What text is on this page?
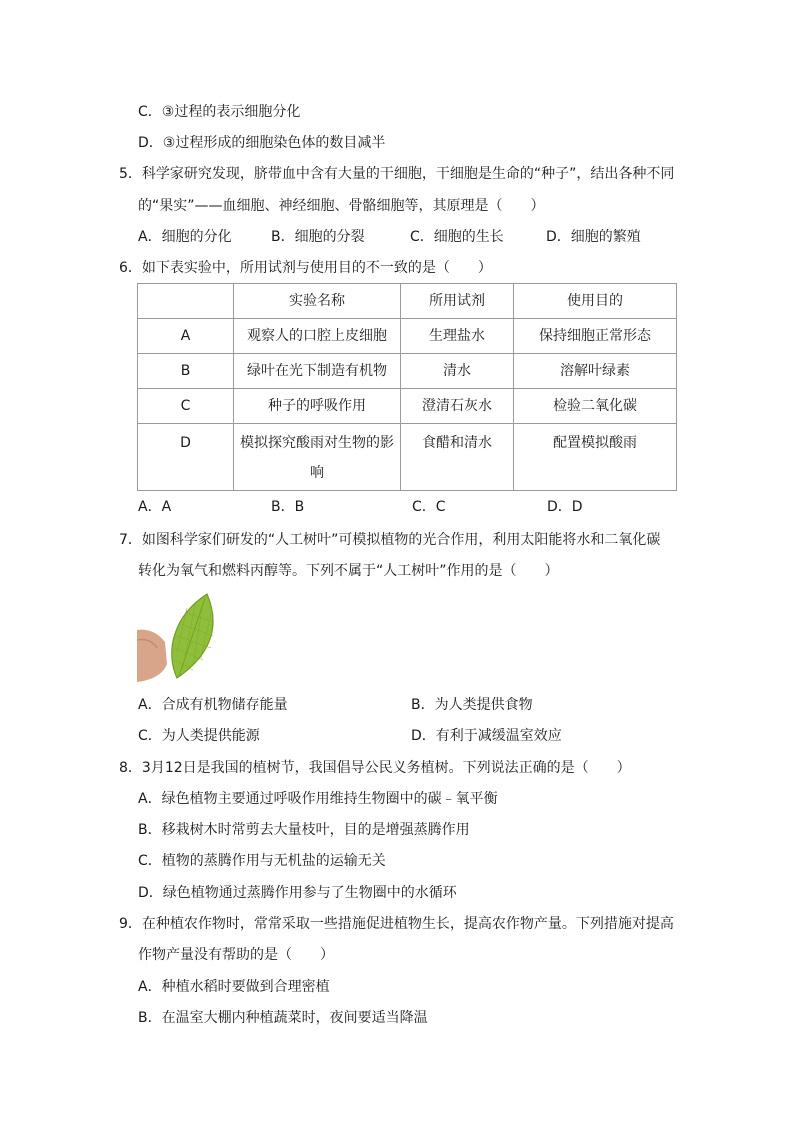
C．③过程的表示细胞分化
D．③过程形成的细胞染色体的数目减半
5．科学家研究发现，脐带血中含有大量的干细胞，干细胞是生命的“种子”，结出各种不同
的“果实”——血细胞、神经细胞、骨骼细胞等，其原理是（　　）
A．细胞的分化	B．细胞的分裂	C．细胞的生长	D．细胞的繁殖
6．如下表实验中，所用试剂与使用目的不一致的是（　　）
	实验名称	所用试剂	使用目的
A	观察人的口腔上皮细胞	生理盐水	保持细胞正常形态
B	绿叶在光下制造有机物	清水	溶解叶绿素
C	种子的呼吸作用	澄清石灰水	检验二氧化碳
D	模拟探究酸雨对生物的影响	食醋和清水	配置模拟酸雨
A．A	B．B	C．C	D．D
7．如图科学家们研发的“人工树叶”可模拟植物的光合作用，利用太阳能将水和二氧化碳
转化为氧气和燃料丙醇等。下列不属于“人工树叶”作用的是（　　）
A．合成有机物储存能量	B．为人类提供食物
C．为人类提供能源	D．有利于减缓温室效应
8．3月12日是我国的植树节，我国倡导公民义务植树。下列说法正确的是（　　）
A．绿色植物主要通过呼吸作用维持生物圈中的碳﹣氧平衡
B．移栽树木时常剪去大量枝叶，目的是增强蒸腾作用
C．植物的蒸腾作用与无机盐的运输无关
D．绿色植物通过蒸腾作用参与了生物圈中的水循环
9．在种植农作物时，常常采取一些措施促进植物生长，提高农作物产量。下列措施对提高
作物产量没有帮助的是（　　）
A．种植水稻时要做到合理密植
B．在温室大棚内种植蔬菜时，夜间要适当降温
